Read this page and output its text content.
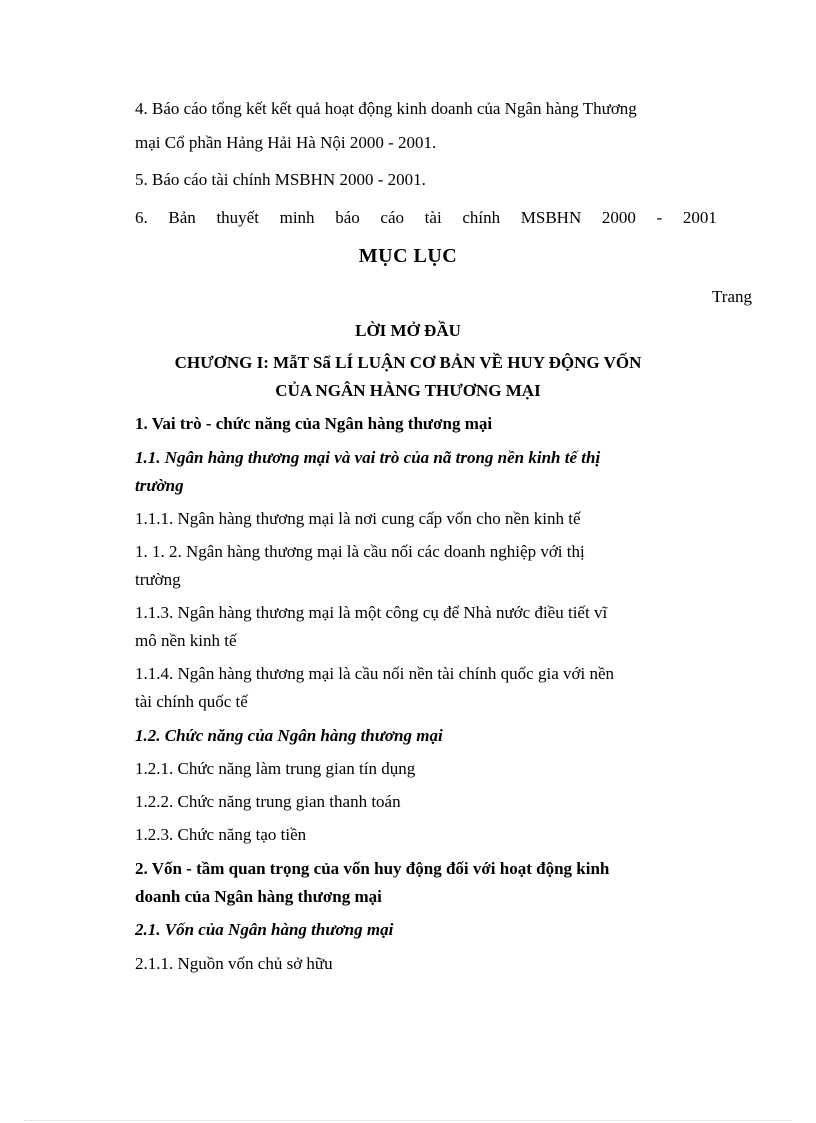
4. Báo cáo tổng kết kết quả hoạt động kinh doanh của Ngân hàng Thương
mại Cổ phần Hảng Hải Hà Nội 2000 - 2001.
5. Báo cáo tài chính MSBHN 2000 - 2001.
6. Bản thuyết minh báo cáo tài chính MSBHN 2000 - 2001
MỤC LỤC
Trang
LỜI MỞ ĐẦU
CHƯƠNG I: MẫT Sẩ LÍ LUẬN CƠ BẢN VỀ HUY ĐỘNG VỐN
CỦA NGÂN HÀNG THƯƠNG MẠI
1. Vai trò - chức năng của Ngân hàng thương mại
1.1. Ngân hàng thương mại và vai trò của nã trong nền kinh tế thị
trường
1.1.1. Ngân hàng thương mại là nơi cung cấp vốn cho nền kinh tế
1. 1. 2. Ngân hàng thương mại là cầu nối các doanh nghiệp với thị
trường
1.1.3. Ngân hàng thương mại là một công cụ để Nhà nước điều tiết vĩ
mô nền kinh tế
1.1.4. Ngân hàng thương mại là cầu nối nền tài chính quốc gia với nền
tài chính quốc tế
1.2. Chức năng của Ngân hàng thương mại
1.2.1. Chức năng làm trung gian tín dụng
1.2.2. Chức năng trung gian thanh toán
1.2.3. Chức năng tạo tiền
2. Vốn - tầm quan trọng của vốn huy động đối với hoạt động kinh
doanh của Ngân hàng thương mại
2.1. Vốn của Ngân hàng thương mại
2.1.1. Nguồn vốn chủ sở hữu
